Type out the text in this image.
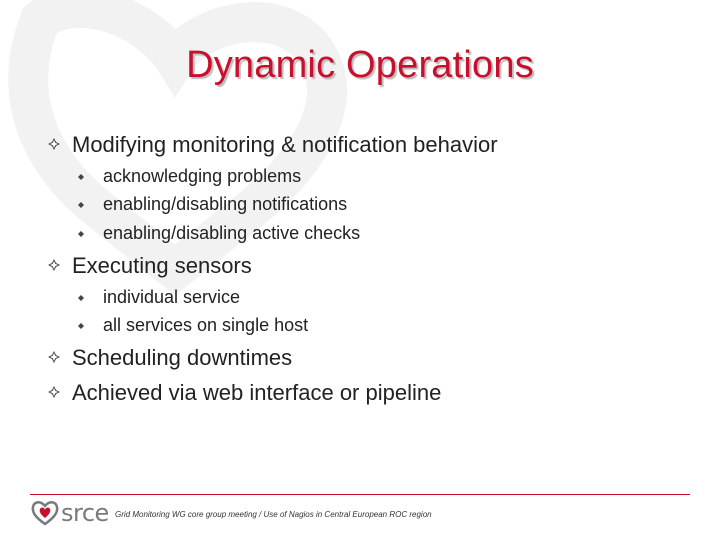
Dynamic Operations
Modifying monitoring & notification behavior
acknowledging problems
enabling/disabling notifications
enabling/disabling active checks
Executing sensors
individual service
all services on single host
Scheduling downtimes
Achieved via web interface or pipeline
srce Grid Monitoring WG core group meeting / Use of Nagios in Central European ROC region
